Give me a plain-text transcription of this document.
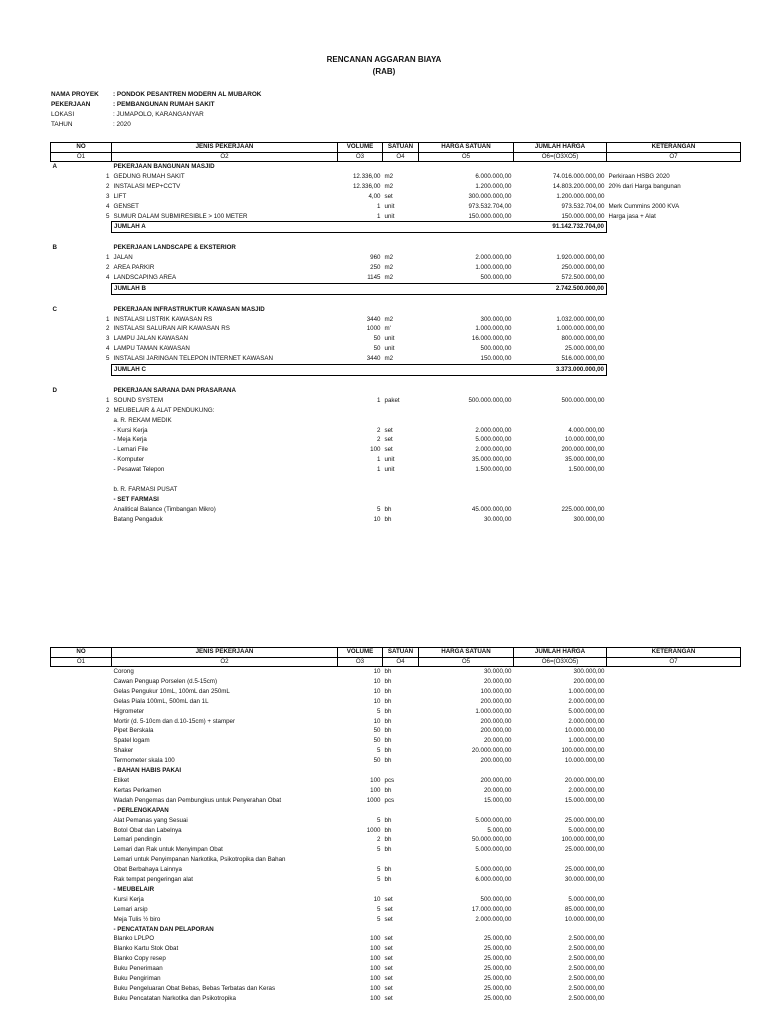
RENCANAN AGGARAN BIAYA
(RAB)
NAMA PROYEK : PONDOK PESANTREN MODERN AL MUBAROK
PEKERJAAN	: PEMBANGUNAN RUMAH SAKIT
LOKASI	: JUMAPOLO, KARANGANYAR
TAHUN	: 2020
NO	JENIS PEKERJAAN	VOLUME	SATUAN	HARGA SATUAN	JUMLAH HARGA	KETERANGAN
O1	O2	O3	O4	O5	O6=(O3XO5)	O7
A	PEKERJAAN BANGUNAN MASJID					
1	GEDUNG RUMAH SAKIT	12.336,00	m2	6.000.000,00	74.016.000.000,00	Perkiraan HSBG 2020
2	INSTALASI MEP+CCTV	12.336,00	m2	1.200.000,00	14.803.200.000,00	20% dari Harga bangunan
3	LIFT	4,00	set	300.000.000,00	1.200.000.000,00	
4	GENSET	1	unit	973.532.704,00	973.532.704,00	Merk Cummins 2000 KVA
5	SUMUR DALAM SUBMIRESIBLE > 100 METER	1	unit	150.000.000,00	150.000.000,00	Harga jasa + Alat
	JUMLAH A				91.142.732.704,00	

B	PEKERJAAN LANDSCAPE & EKSTERIOR					
1	JALAN	960	m2	2.000.000,00	1.920.000.000,00	
2	AREA PARKIR	250	m2	1.000.000,00	250.000.000,00	
4	LANDSCAPING AREA	1145	m2	500.000,00	572.500.000,00	
	JUMLAH B				2.742.500.000,00	

C	PEKERJAAN INFRASTRUKTUR KAWASAN MASJID					
1	INSTALASI LISTRIK KAWASAN RS	3440	m2	300.000,00	1.032.000.000,00	
2	INSTALASI SALURAN AIR KAWASAN RS	1000	m'	1.000.000,00	1.000.000.000,00	
3	LAMPU JALAN KAWASAN	50	unit	16.000.000,00	800.000.000,00	
4	LAMPU TAMAN KAWASAN	50	unit	500.000,00	25.000.000,00	
5	INSTALASI JARINGAN TELEPON INTERNET KAWASAN	3440	m2	150.000,00	516.000.000,00	
	JUMLAH C				3.373.000.000,00	

D	PEKERJAAN SARANA DAN PRASARANA					
1	SOUND SYSTEM	1	paket	500.000.000,00	500.000.000,00	
2	MEUBELAIR & ALAT PENDUKUNG:					
	a. R. REKAM MEDIK					
	- Kursi Kerja	2	set	2.000.000,00	4.000.000,00	
	- Meja Kerja	2	set	5.000.000,00	10.000.000,00	
	- Lemari File	100	set	2.000.000,00	200.000.000,00	
	- Komputer	1	unit	35.000.000,00	35.000.000,00	
	- Pesawat Telepon	1	unit	1.500.000,00	1.500.000,00	

	b. R. FARMASI PUSAT					
	- SET FARMASI					
	Analitical Balance (Timbangan Mikro)	5	bh	45.000.000,00	225.000.000,00	
	Batang Pengaduk	10	bh	30.000,00	300.000,00	
NO	JENIS PEKERJAAN	VOLUME	SATUAN	HARGA SATUAN	JUMLAH HARGA	KETERANGAN
O1	O2	O3	O4	O5	O6=(O3XO5)	O7
	Corong	10	bh	30.000,00	300.000,00	
	Cawan Penguap Porselen (d.5-15cm)	10	bh	20.000,00	200.000,00	
	Gelas Pengukur 10mL, 100mL dan 250mL	10	bh	100.000,00	1.000.000,00	
	Gelas Piala 100mL, 500mL dan 1L	10	bh	200.000,00	2.000.000,00	
	Higrometer	5	bh	1.000.000,00	5.000.000,00	
	Mortir (d. 5-10cm dan d.10-15cm) + stamper	10	bh	200.000,00	2.000.000,00	
	Pipet Berskala	50	bh	200.000,00	10.000.000,00	
	Spatel logam	50	bh	20.000,00	1.000.000,00	
	Shaker	5	bh	20.000.000,00	100.000.000,00	
	Termometer skala 100	50	bh	200.000,00	10.000.000,00	
	- BAHAN HABIS PAKAI					
	Etiket	100	pcs	200.000,00	20.000.000,00	
	Kertas Perkamen	100	bh	20.000,00	2.000.000,00	
	Wadah Pengemas dan Pembungkus untuk Penyerahan Obat	1000	pcs	15.000,00	15.000.000,00	
	- PERLENGKAPAN					
	Alat Pemanas yang Sesuai	5	bh	5.000.000,00	25.000.000,00	
	Botol Obat dan Labelnya	1000	bh	5.000,00	5.000.000,00	
	Lemari pendingin	2	bh	50.000.000,00	100.000.000,00	
	Lemari dan Rak untuk Menyimpan Obat	5	bh	5.000.000,00	25.000.000,00	
	Lemari untuk Penyimpanan Narkotika, Psikotropika dan Bahan					
	Obat Berbahaya Lainnya	5	bh	5.000.000,00	25.000.000,00	
	Rak tempat pengeringan alat	5	bh	6.000.000,00	30.000.000,00	
	- MEUBELAIR					
	Kursi Kerja	10	set	500.000,00	5.000.000,00	
	Lemari arsip	5	set	17.000.000,00	85.000.000,00	
	Meja Tulis ½ biro	5	set	2.000.000,00	10.000.000,00	
	- PENCATATAN DAN PELAPORAN					
	Blanko LPLPO	100	set	25.000,00	2.500.000,00	
	Blanko Kartu Stok Obat	100	set	25.000,00	2.500.000,00	
	Blanko Copy resep	100	set	25.000,00	2.500.000,00	
	Buku Penerimaan	100	set	25.000,00	2.500.000,00	
	Buku Pengiriman	100	set	25.000,00	2.500.000,00	
	Buku Pengeluaran Obat Bebas, Bebas Terbatas dan Keras	100	set	25.000,00	2.500.000,00	
	Buku Pencatatan Narkotika dan Psikotropika	100	set	25.000,00	2.500.000,00	
